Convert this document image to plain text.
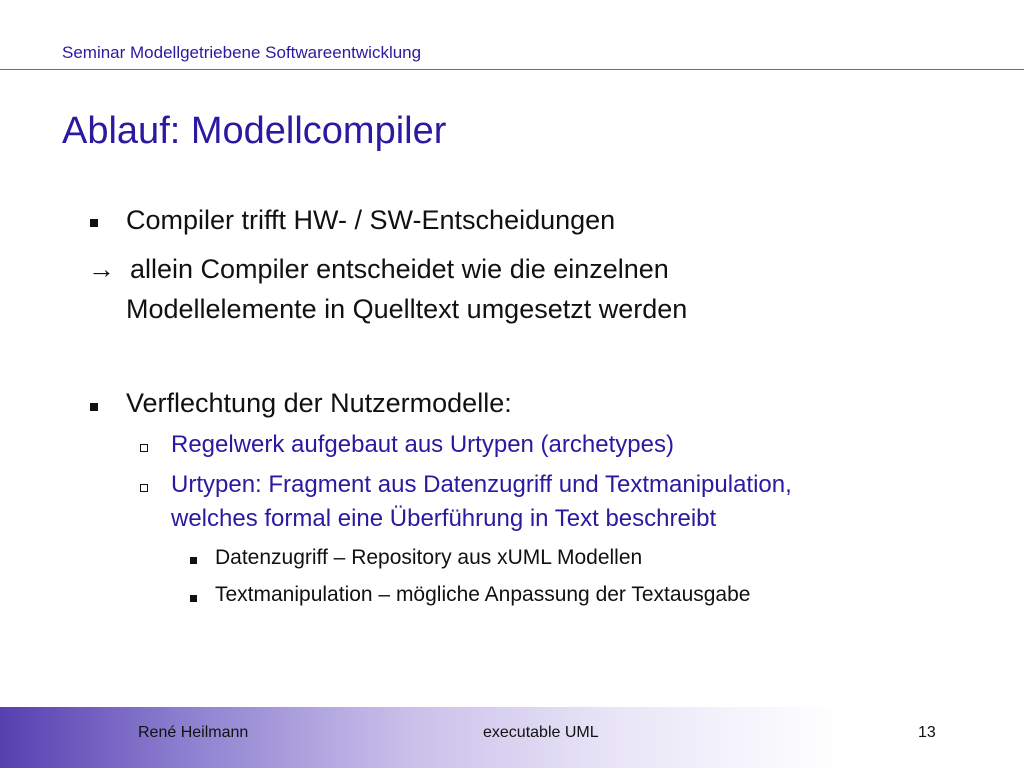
Seminar Modellgetriebene Softwareentwicklung
Ablauf: Modellcompiler
Compiler trifft HW- / SW-Entscheidungen
→ allein Compiler entscheidet wie die einzelnen
Modellelemente in Quelltext umgesetzt werden
Verflechtung der Nutzermodelle:
Regelwerk aufgebaut aus Urtypen (archetypes)
Urtypen: Fragment aus Datenzugriff und Textmanipulation,
welches formal eine Überführung in Text beschreibt
Datenzugriff – Repository aus xUML Modellen
Textmanipulation – mögliche Anpassung der Textausgabe
René Heilmann	executable UML	13
